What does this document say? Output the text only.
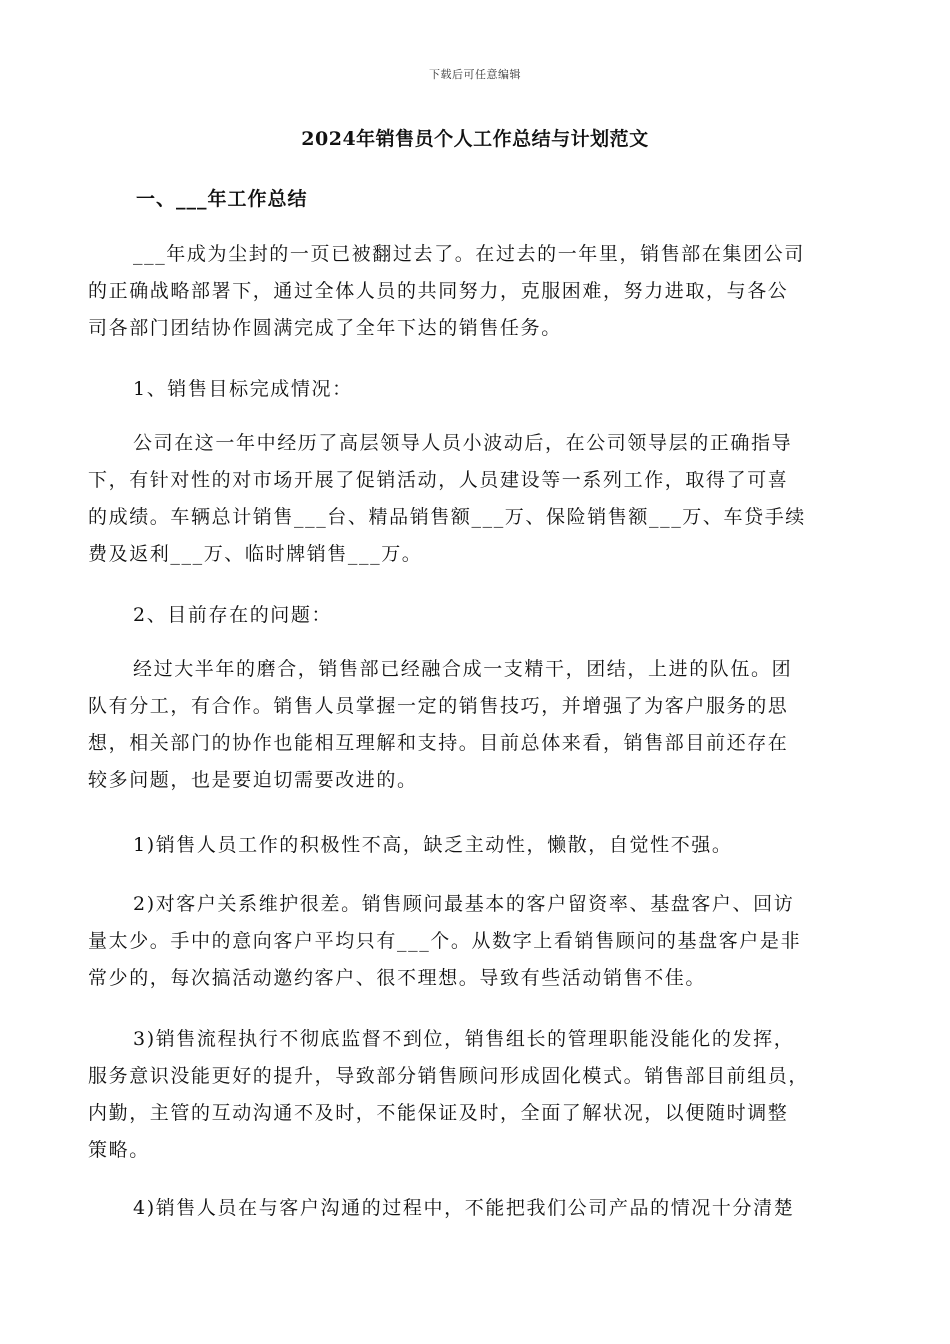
下载后可任意编辑
2024年销售员个人工作总结与计划范文
一、___年工作总结
___年成为尘封的一页已被翻过去了。在过去的一年里，销售部在集团公司
的正确战略部署下，通过全体人员的共同努力，克服困难，努力进取，与各公
司各部门团结协作圆满完成了全年下达的销售任务。
1、销售目标完成情况：
公司在这一年中经历了高层领导人员小波动后，在公司领导层的正确指导
下，有针对性的对市场开展了促销活动，人员建设等一系列工作，取得了可喜
的成绩。车辆总计销售___台、精品销售额___万、保险销售额___万、车贷手续
费及返利___万、临时牌销售___万。
2、目前存在的问题：
经过大半年的磨合，销售部已经融合成一支精干，团结，上进的队伍。团
队有分工，有合作。销售人员掌握一定的销售技巧，并增强了为客户服务的思
想，相关部门的协作也能相互理解和支持。目前总体来看，销售部目前还存在
较多问题，也是要迫切需要改进的。
1)销售人员工作的积极性不高，缺乏主动性，懒散，自觉性不强。
2)对客户关系维护很差。销售顾问最基本的客户留资率、基盘客户、回访
量太少。手中的意向客户平均只有___个。从数字上看销售顾问的基盘客户是非
常少的，每次搞活动邀约客户、很不理想。导致有些活动销售不佳。
3)销售流程执行不彻底监督不到位，销售组长的管理职能没能化的发挥，
服务意识没能更好的提升，导致部分销售顾问形成固化模式。销售部目前组员，
内勤，主管的互动沟通不及时，不能保证及时，全面了解状况，以便随时调整
策略。
4)销售人员在与客户沟通的过程中，不能把我们公司产品的情况十分清楚
